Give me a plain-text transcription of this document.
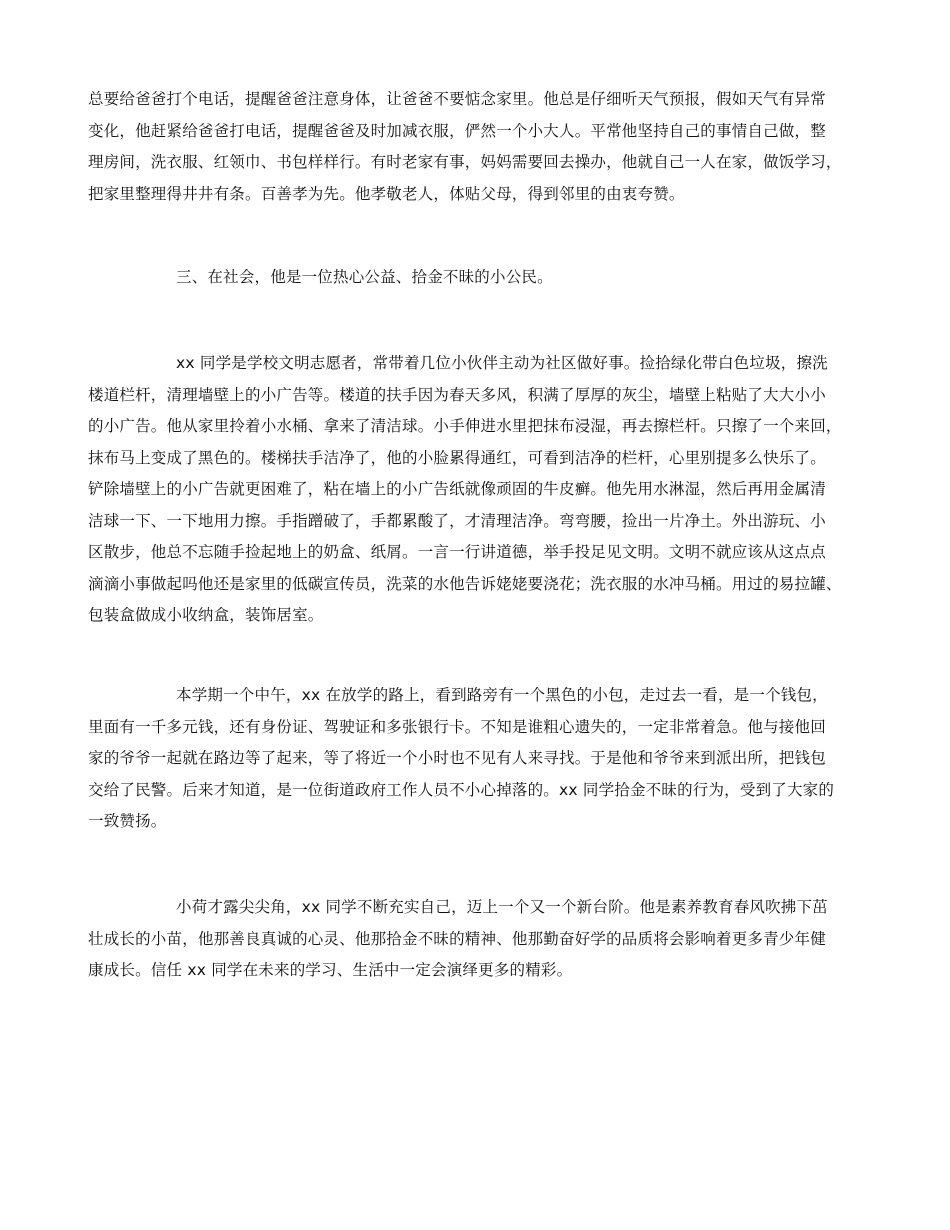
总要给爸爸打个电话，提醒爸爸注意身体，让爸爸不要惦念家里。他总是仔细听天气预报，假如天气有异常
变化，他赶紧给爸爸打电话，提醒爸爸及时加减衣服，俨然一个小大人。平常他坚持自己的事情自己做，整
理房间，洗衣服、红领巾、书包样样行。有时老家有事，妈妈需要回去操办，他就自己一人在家，做饭学习，
把家里整理得井井有条。百善孝为先。他孝敬老人，体贴父母，得到邻里的由衷夸赞。
三、在社会，他是一位热心公益、拾金不昧的小公民。
xx 同学是学校文明志愿者，常带着几位小伙伴主动为社区做好事。捡拾绿化带白色垃圾，擦洗
楼道栏杆，清理墙壁上的小广告等。楼道的扶手因为春天多风，积满了厚厚的灰尘，墙壁上粘贴了大大小小
的小广告。他从家里拎着小水桶、拿来了清洁球。小手伸进水里把抹布浸湿，再去擦栏杆。只擦了一个来回，
抹布马上变成了黑色的。楼梯扶手洁净了，他的小脸累得通红，可看到洁净的栏杆，心里别提多么快乐了。
铲除墙壁上的小广告就更困难了，粘在墙上的小广告纸就像顽固的牛皮癣。他先用水淋湿，然后再用金属清
洁球一下、一下地用力擦。手指蹭破了，手都累酸了，才清理洁净。弯弯腰，捡出一片净土。外出游玩、小
区散步，他总不忘随手捡起地上的奶盒、纸屑。一言一行讲道德，举手投足见文明。文明不就应该从这点点
滴滴小事做起吗他还是家里的低碳宣传员，洗菜的水他告诉姥姥要浇花；洗衣服的水冲马桶。用过的易拉罐、
包装盒做成小收纳盒，装饰居室。
本学期一个中午，xx 在放学的路上，看到路旁有一个黑色的小包，走过去一看，是一个钱包，
里面有一千多元钱，还有身份证、驾驶证和多张银行卡。不知是谁粗心遗失的，一定非常着急。他与接他回
家的爷爷一起就在路边等了起来，等了将近一个小时也不见有人来寻找。于是他和爷爷来到派出所，把钱包
交给了民警。后来才知道，是一位街道政府工作人员不小心掉落的。xx 同学拾金不昧的行为，受到了大家的
一致赞扬。
小荷才露尖尖角，xx 同学不断充实自己，迈上一个又一个新台阶。他是素养教育春风吹拂下茁
壮成长的小苗，他那善良真诚的心灵、他那拾金不昧的精神、他那勤奋好学的品质将会影响着更多青少年健
康成长。信任 xx 同学在未来的学习、生活中一定会演绎更多的精彩。
